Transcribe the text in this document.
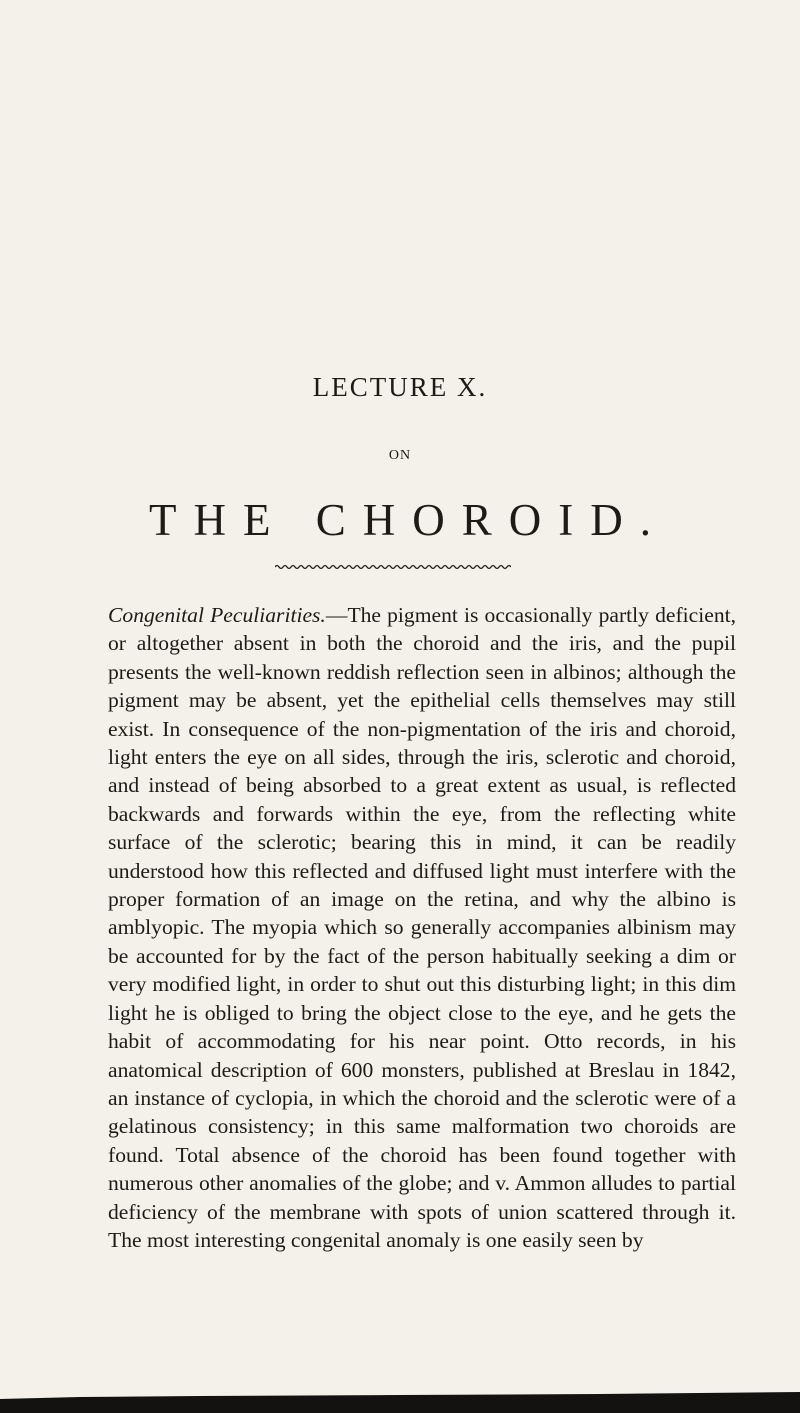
LECTURE X.
ON
THE CHOROID.

Congenital Peculiarities.—The pigment is occasionally partly deficient, or altogether absent in both the choroid and the iris, and the pupil presents the well-known reddish reflection seen in albinos; although the pigment may be absent, yet the epithelial cells themselves may still exist. In consequence of the non-pigmentation of the iris and choroid, light enters the eye on all sides, through the iris, sclerotic and choroid, and instead of being absorbed to a great extent as usual, is reflected backwards and forwards within the eye, from the reflecting white surface of the sclerotic; bearing this in mind, it can be readily understood how this reflected and diffused light must interfere with the proper formation of an image on the retina, and why the albino is amblyopic. The myopia which so generally accompanies albinism may be accounted for by the fact of the person habitually seeking a dim or very modified light, in order to shut out this disturbing light; in this dim light he is obliged to bring the object close to the eye, and he gets the habit of accommodating for his near point. Otto records, in his anatomical description of 600 monsters, published at Breslau in 1842, an instance of cyclopia, in which the choroid and the sclerotic were of a gelatinous consistency; in this same malformation two choroids are found. Total absence of the choroid has been found together with numerous other anomalies of the globe; and v. Ammon alludes to partial deficiency of the membrane with spots of union scattered through it. The most interesting congenital anomaly is one easily seen by
